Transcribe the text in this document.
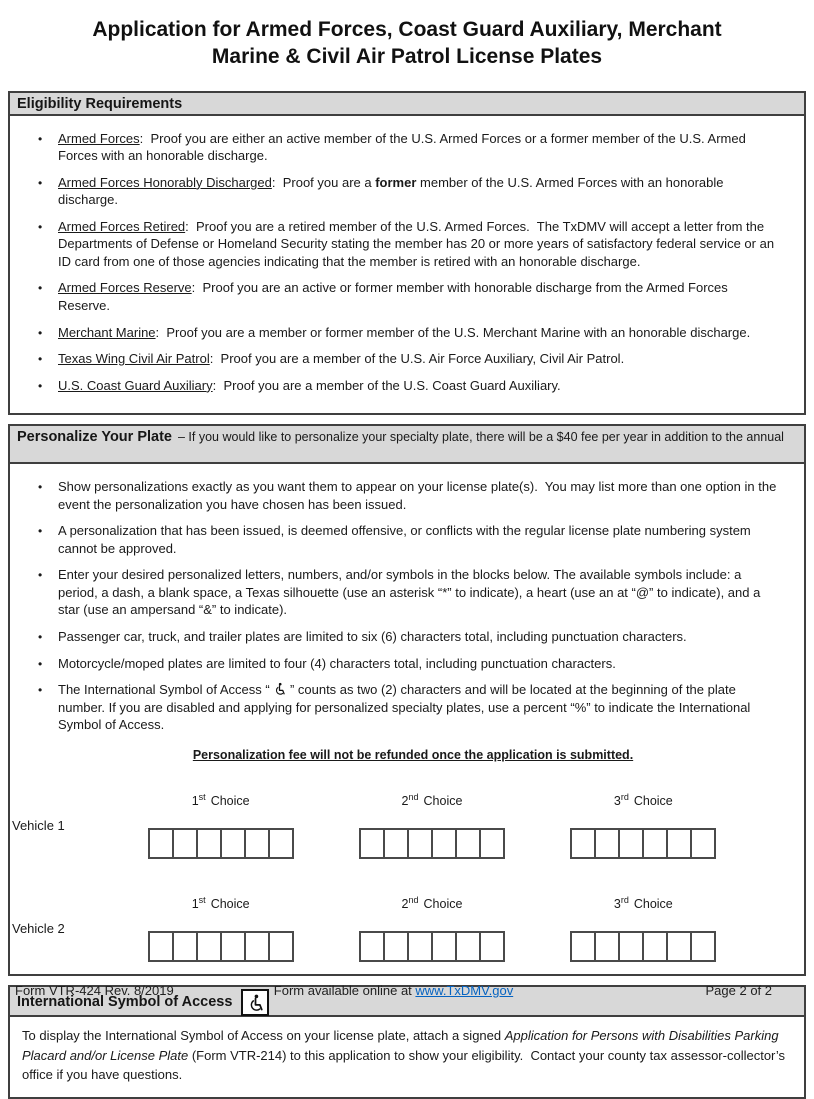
Application for Armed Forces, Coast Guard Auxiliary, Merchant
Marine & Civil Air Patrol License Plates
Eligibility Requirements
•	Armed Forces:  Proof you are either an active member of the U.S. Armed Forces or a former member of the U.S. Armed Forces with an honorable discharge.
•	Armed Forces Honorably Discharged:  Proof you are a former member of the U.S. Armed Forces with an honorable discharge.
•	Armed Forces Retired:  Proof you are a retired member of the U.S. Armed Forces.  The TxDMV will accept a letter from the Departments of Defense or Homeland Security stating the member has 20 or more years of satisfactory federal service or an ID card from one of those agencies indicating that the member is retired with an honorable discharge.
•	Armed Forces Reserve:  Proof you are an active or former member with honorable discharge from the Armed Forces Reserve.
•	Merchant Marine:  Proof you are a member or former member of the U.S. Merchant Marine with an honorable discharge.
•	Texas Wing Civil Air Patrol:  Proof you are a member of the U.S. Air Force Auxiliary, Civil Air Patrol.
•	U.S. Coast Guard Auxiliary:  Proof you are a member of the U.S. Coast Guard Auxiliary.
Personalize Your Plate – If you would like to personalize your specialty plate, there will be a $40 fee per year in addition to the annual
•	Show personalizations exactly as you want them to appear on your license plate(s).  You may list more than one option in the event the personalization you have chosen has been issued.
•	A personalization that has been issued, is deemed offensive, or conflicts with the regular license plate numbering system cannot be approved.
•	Enter your desired personalized letters, numbers, and/or symbols in the blocks below. The available symbols include: a period, a dash, a blank space, a Texas silhouette (use an asterisk “*” to indicate), a heart (use an at “@” to indicate), and a star (use an ampersand “&” to indicate).
•	Passenger car, truck, and trailer plates are limited to six (6) characters total, including punctuation characters.
•	Motorcycle/moped plates are limited to four (4) characters total, including punctuation characters.
•	The International Symbol of Access “  ” counts as two (2) characters and will be located at the beginning of the plate number. If you are disabled and applying for personalized specialty plates, use a percent “%” to indicate the International Symbol of Access.
Personalization fee will not be refunded once the application is submitted.
1st Choice	2nd Choice	3rd Choice
Vehicle 1
1st Choice	2nd Choice	3rd Choice
Vehicle 2
International Symbol of Access
To display the International Symbol of Access on your license plate, attach a signed Application for Persons with Disabilities Parking Placard and/or License Plate (Form VTR-214) to this application to show your eligibility.  Contact your county tax assessor-collector’s office if you have questions.
Form VTR-424 Rev. 8/2019	Form available online at www.TxDMV.gov	Page 2 of 2
